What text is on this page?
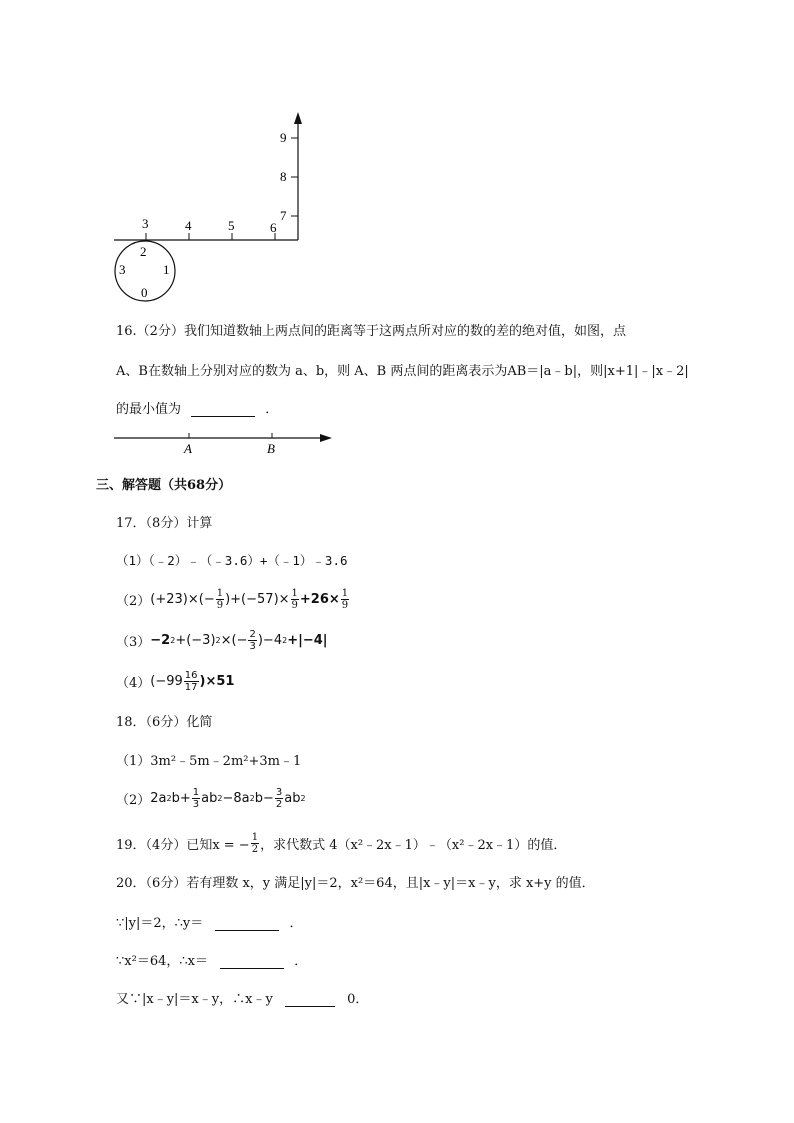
9
8
7
3	4	5	6
2
3	1
0
16.（2分）我们知道数轴上两点间的距离等于这两点所对应的数的差的绝对值，如图，点
A、B在数轴上分别对应的数为 a、b，则 A、B 两点间的距离表示为AB＝|a﹣b|，则|x+1|﹣|x﹣2|
的最小值为	．
A	B
三、解答题（共68分）
17．（8分）计算
（1）（﹣2）﹣（﹣3.6）+（﹣1）﹣3.6
（2） $(+23)\times(- \frac{1}{9} )+(-57)\times \frac{1}{9} +26\times \frac{1}{9}$
（3） −2 2 +(−3) 2 ×(− $\frac{2}{3} )-4$ 2 +|−4|
（4） $(-99 \frac{16}{17} )\times 51$
18．（6分）化简
（1）3m²﹣5m﹣2m²+3m﹣1
（2） 2a 2 $b+ \frac{1}{3}$ ab 2 −8a 2 $b- \frac{3}{2}$ ab 2
19．（4分）已知x = − $\frac{1}{2}$ ，求代数式 4（x²﹣2x﹣1）﹣（x²﹣2x﹣1）的值．
20．（6分）若有理数 x，y 满足|y|＝2，x²＝64，且|x﹣y|＝x﹣y，求 x+y 的值．
∵|y|＝2，∴y＝	．
∵x²＝64，∴x＝	．
又∵|x﹣y|＝x﹣y，∴x﹣y	0．
